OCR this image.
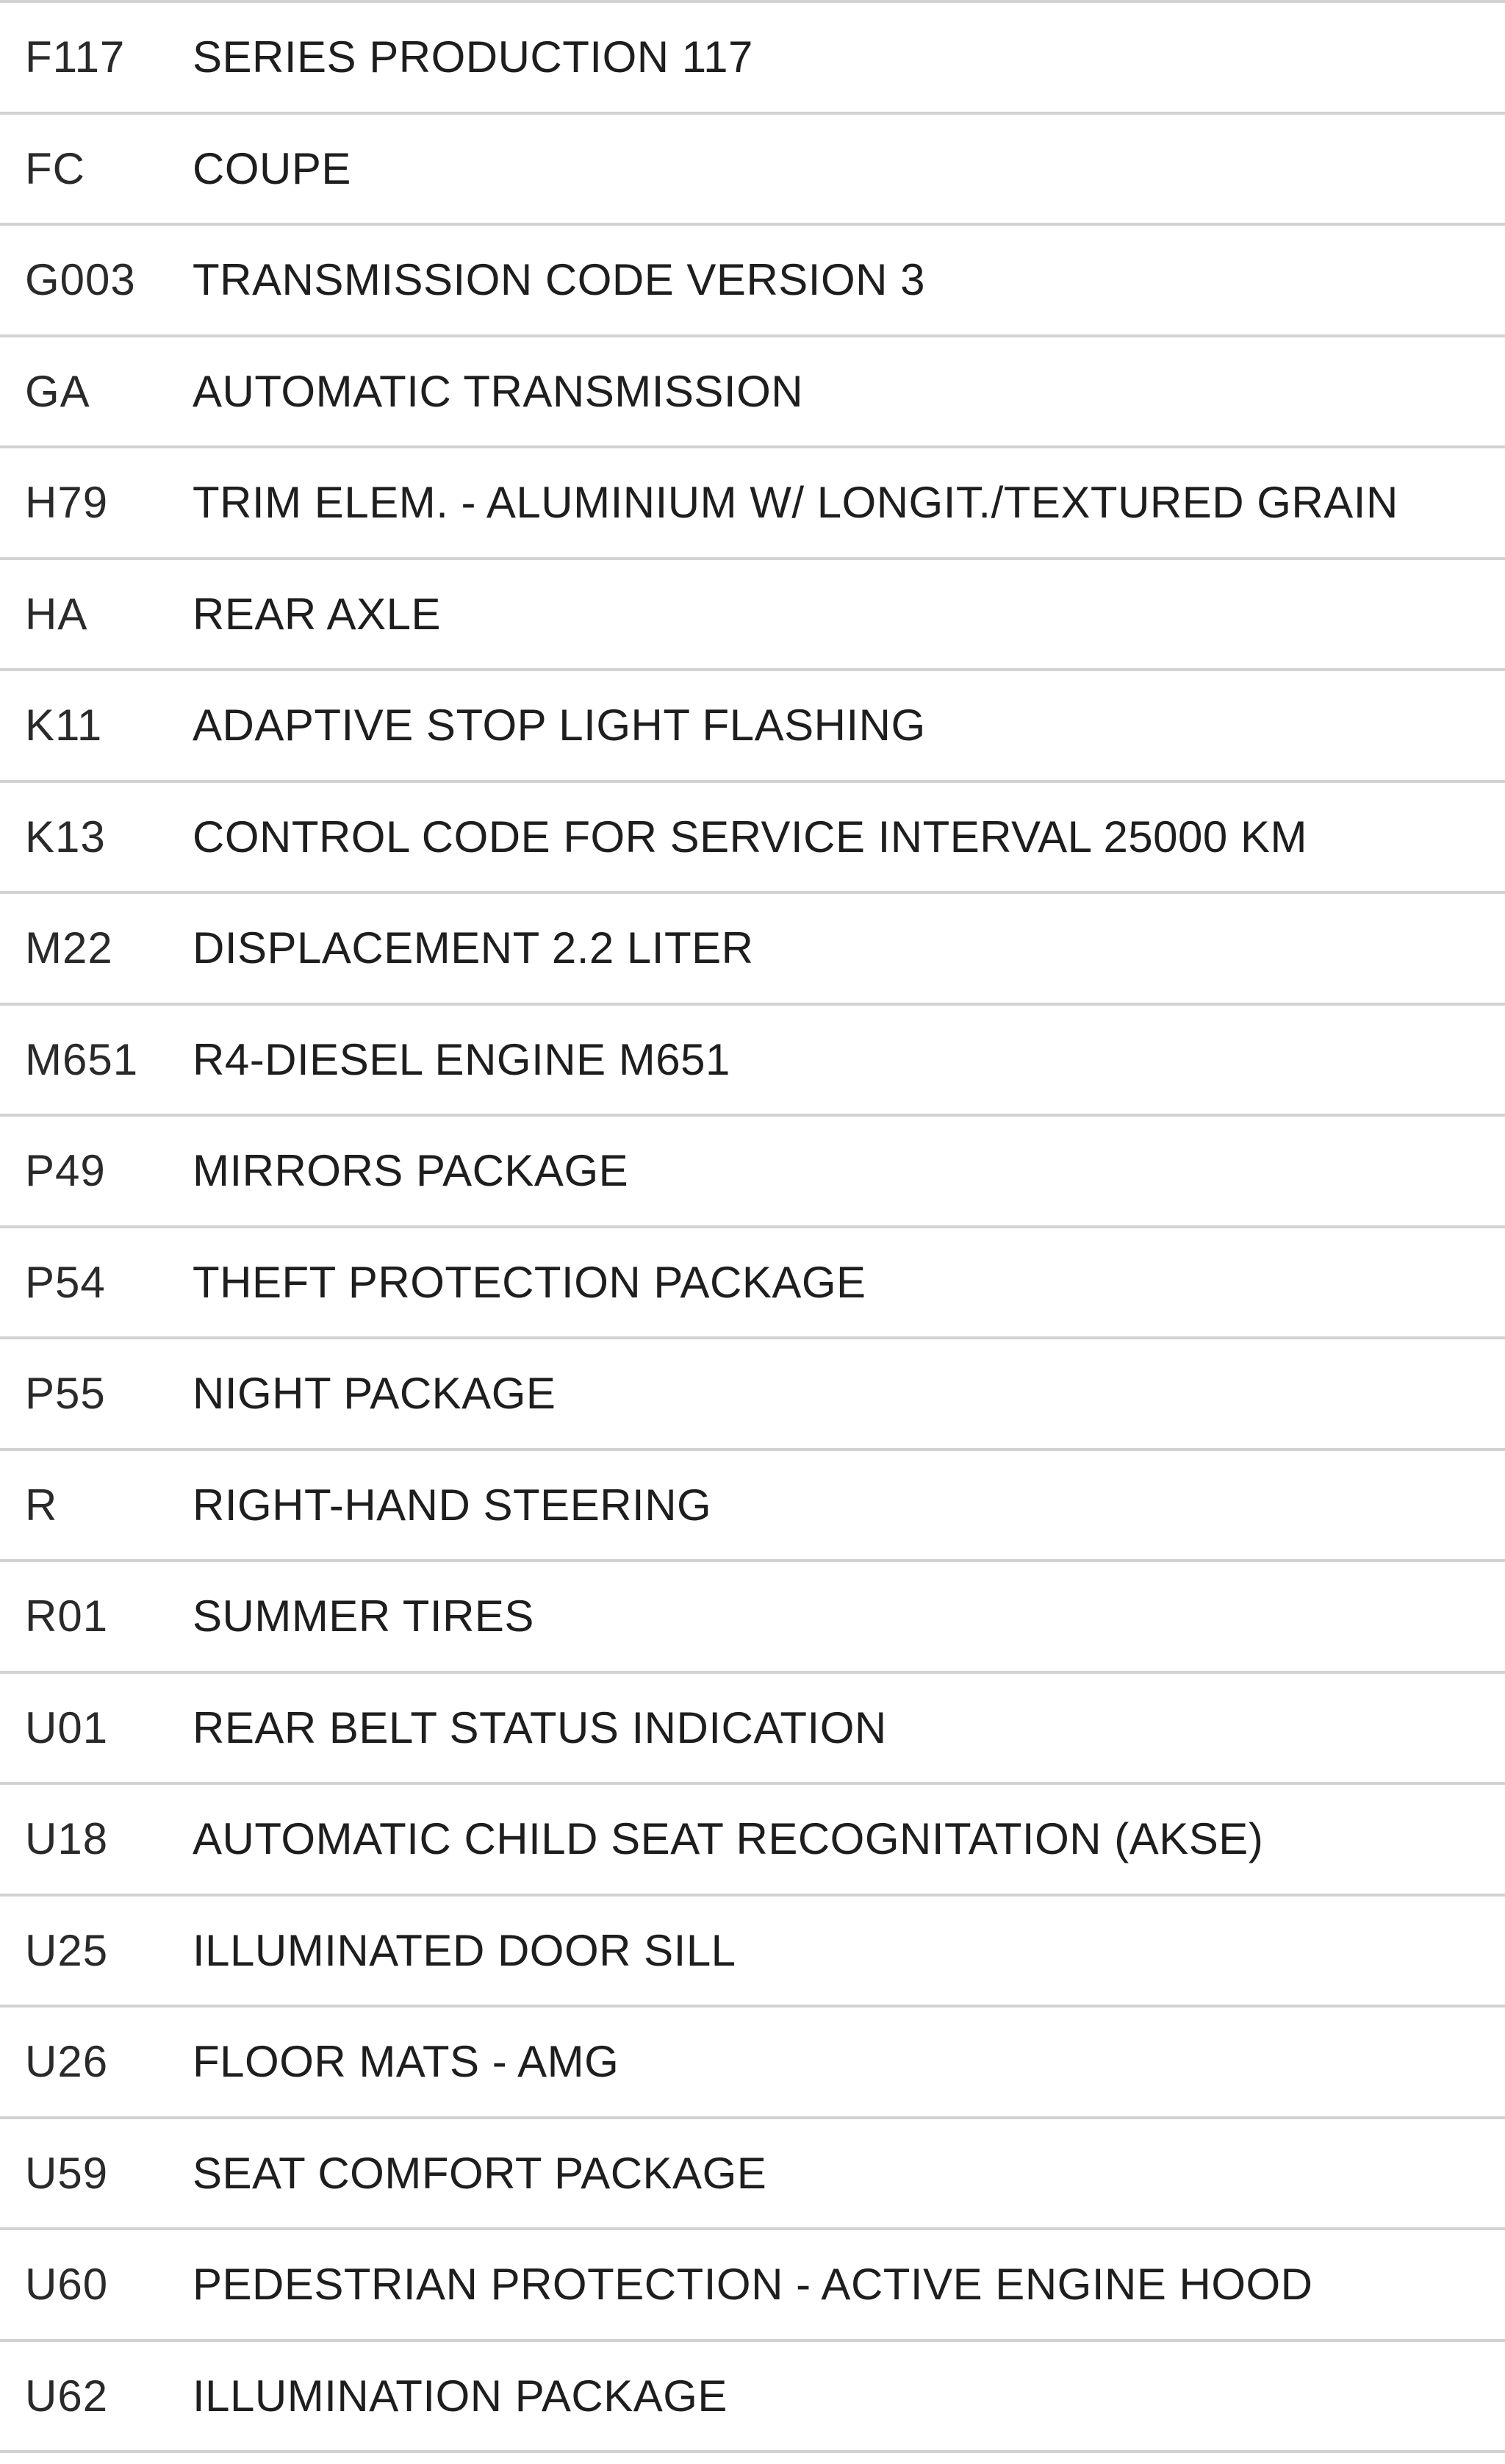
F117	SERIES PRODUCTION 117
FC	COUPE
G003	TRANSMISSION CODE VERSION 3
GA	AUTOMATIC TRANSMISSION
H79	TRIM ELEM. - ALUMINIUM W/ LONGIT./TEXTURED GRAIN
HA	REAR AXLE
K11	ADAPTIVE STOP LIGHT FLASHING
K13	CONTROL CODE FOR SERVICE INTERVAL 25000 KM
M22	DISPLACEMENT 2.2 LITER
M651	R4-DIESEL ENGINE M651
P49	MIRRORS PACKAGE
P54	THEFT PROTECTION PACKAGE
P55	NIGHT PACKAGE
R	RIGHT-HAND STEERING
R01	SUMMER TIRES
U01	REAR BELT STATUS INDICATION
U18	AUTOMATIC CHILD SEAT RECOGNITATION (AKSE)
U25	ILLUMINATED DOOR SILL
U26	FLOOR MATS - AMG
U59	SEAT COMFORT PACKAGE
U60	PEDESTRIAN PROTECTION - ACTIVE ENGINE HOOD
U62	ILLUMINATION PACKAGE
